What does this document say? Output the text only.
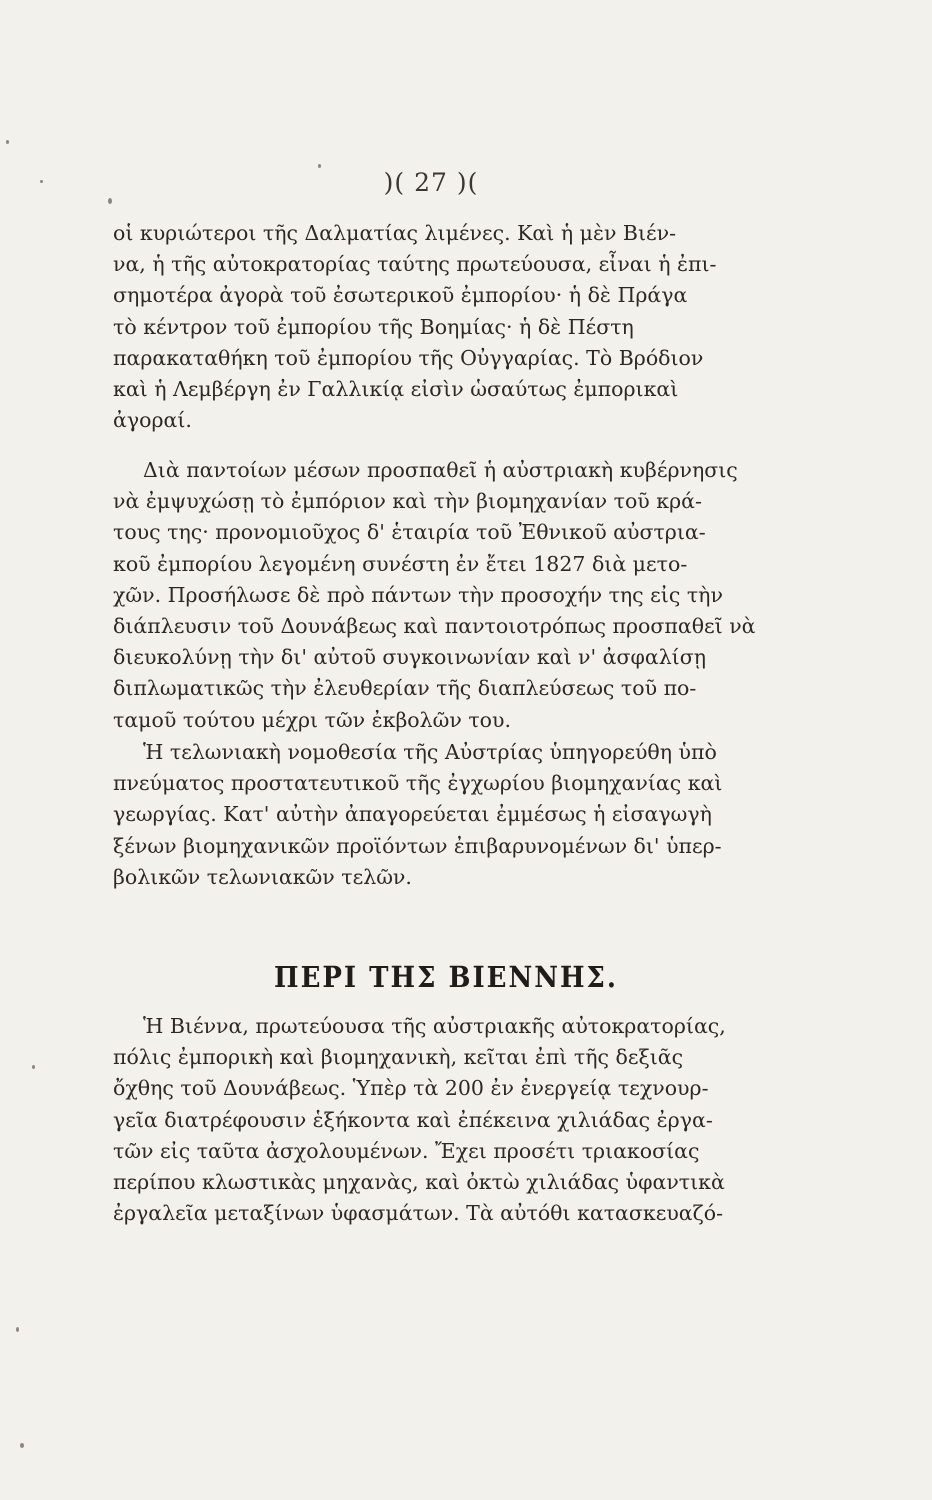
)( 27 )(
οἱ κυριώτεροι τῆς Δαλματίας λιμένες. Καὶ ἡ μὲν Βιέν-
να, ἡ τῆς αὐτοκρατορίας ταύτης πρωτεύουσα, εἶναι ἡ ἐπι-
σημοτέρα ἀγορὰ τοῦ ἐσωτερικοῦ ἐμπορίου· ἡ δὲ Πράγα
τὸ κέντρον τοῦ ἐμπορίου τῆς Βοημίας· ἡ δὲ Πέστη
παρακαταθήκη τοῦ ἐμπορίου τῆς Οὐγγαρίας. Τὸ Βρόδιον
καὶ ἡ Λεμβέργη ἐν Γαλλικίᾳ εἰσὶν ὡσαύτως ἐμπορικαὶ
ἀγοραί.
Διὰ παντοίων μέσων προσπαθεῖ ἡ αὐστριακὴ κυβέρνησις
νὰ ἐμψυχώσῃ τὸ ἐμπόριον καὶ τὴν βιομηχανίαν τοῦ κρά-
τους της· προνομιοῦχος δ' ἑταιρία τοῦ Ἐθνικοῦ αὐστρια-
κοῦ ἐμπορίου λεγομένη συνέστη ἐν ἔτει 1827 διὰ μετο-
χῶν. Προσήλωσε δὲ πρὸ πάντων τὴν προσοχήν της εἰς τὴν
διάπλευσιν τοῦ Δουνάβεως καὶ παντοιοτρόπως προσπαθεῖ νὰ
διευκολύνῃ τὴν δι' αὐτοῦ συγκοινωνίαν καὶ ν' ἀσφαλίσῃ
διπλωματικῶς τὴν ἐλευθερίαν τῆς διαπλεύσεως τοῦ πο-
ταμοῦ τούτου μέχρι τῶν ἐκβολῶν του.
Ἡ τελωνιακὴ νομοθεσία τῆς Αὐστρίας ὑπηγορεύθη ὑπὸ
πνεύματος προστατευτικοῦ τῆς ἐγχωρίου βιομηχανίας καὶ
γεωργίας. Κατ' αὐτὴν ἀπαγορεύεται ἐμμέσως ἡ εἰσαγωγὴ
ξένων βιομηχανικῶν προϊόντων ἐπιβαρυνομένων δι' ὑπερ-
βολικῶν τελωνιακῶν τελῶν.
ΠΕΡΙ ΤΗΣ ΒΙΕΝΝΗΣ.
Ἡ Βιέννα, πρωτεύουσα τῆς αὐστριακῆς αὐτοκρατορίας,
πόλις ἐμπορικὴ καὶ βιομηχανικὴ, κεῖται ἐπὶ τῆς δεξιᾶς
ὄχθης τοῦ Δουνάβεως. Ὑπὲρ τὰ 200 ἐν ἐνεργείᾳ τεχνουρ-
γεῖα διατρέφουσιν ἑξήκοντα καὶ ἐπέκεινα χιλιάδας ἐργα-
τῶν εἰς ταῦτα ἀσχολουμένων. Ἔχει προσέτι τριακοσίας
περίπου κλωστικὰς μηχανὰς, καὶ ὀκτὼ χιλιάδας ὑφαντικὰ
ἐργαλεῖα μεταξίνων ὑφασμάτων. Τὰ αὐτόθι κατασκευαζό-
